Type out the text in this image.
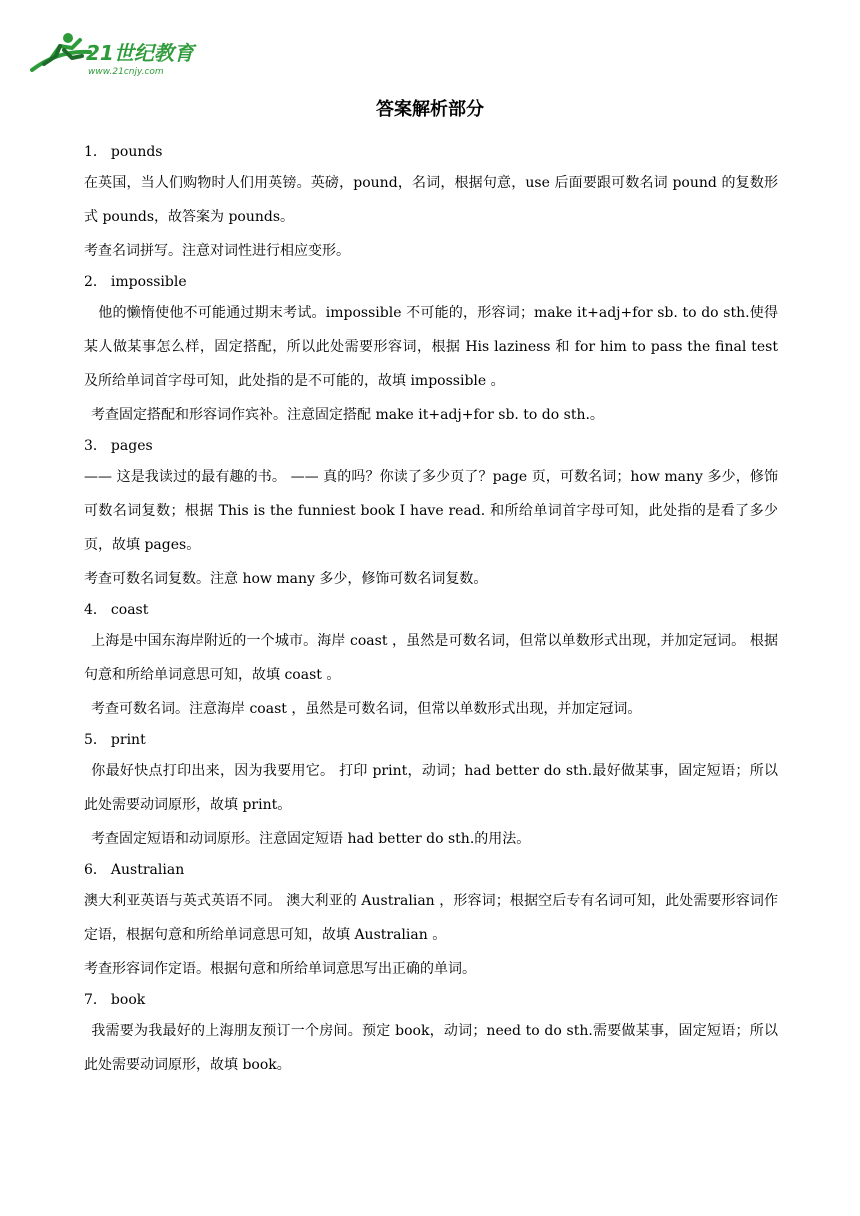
21世纪教育
www.21cnjy.com
答案解析部分
1． pounds

在英国，当人们购物时人们用英镑。英磅，pound，名词，根据句意，use 后面要跟可数名词 pound 的复数形式 pounds，故答案为 pounds。

考查名词拼写。注意对词性进行相应变形。

2． impossible

　他的懒惰使他不可能通过期末考试。impossible 不可能的，形容词；make it+adj+for sb. to do sth.使得某人做某事怎么样，固定搭配，所以此处需要形容词，根据 His laziness 和 for him to pass the final test 及所给单词首字母可知，此处指的是不可能的，故填 impossible 。

 考查固定搭配和形容词作宾补。注意固定搭配 make it+adj+for sb. to do sth.。

3． pages

—— 这是我读过的最有趣的书。 —— 真的吗？你读了多少页了？page 页，可数名词；how many 多少，修饰可数名词复数；根据 This is the funniest book I have read. 和所给单词首字母可知，此处指的是看了多少页，故填 pages。

考查可数名词复数。注意 how many 多少，修饰可数名词复数。

4． coast

 上海是中国东海岸附近的一个城市。海岸 coast ，虽然是可数名词，但常以单数形式出现，并加定冠词。 根据句意和所给单词意思可知，故填 coast 。

 考查可数名词。注意海岸 coast ，虽然是可数名词，但常以单数形式出现，并加定冠词。

5． print

 你最好快点打印出来，因为我要用它。 打印 print，动词；had better do sth.最好做某事，固定短语；所以此处需要动词原形，故填 print。

 考查固定短语和动词原形。注意固定短语 had better do sth.的用法。

6． Australian

澳大利亚英语与英式英语不同。 澳大利亚的 Australian ，形容词；根据空后专有名词可知，此处需要形容词作定语，根据句意和所给单词意思可知，故填 Australian 。

考查形容词作定语。根据句意和所给单词意思写出正确的单词。

7． book

 我需要为我最好的上海朋友预订一个房间。预定 book，动词；need to do sth.需要做某事，固定短语；所以此处需要动词原形，故填 book。
